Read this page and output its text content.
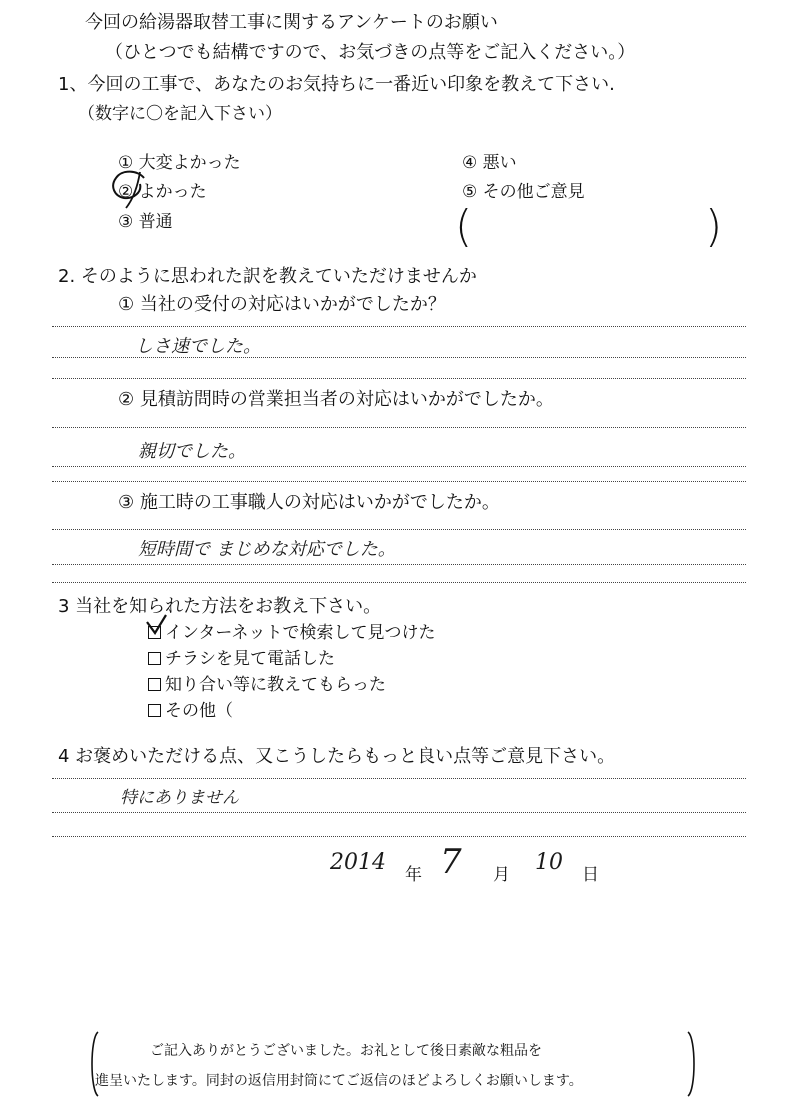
今回の給湯器取替工事に関するアンケートのお願い
（ひとつでも結構ですので、お気づきの点等をご記入ください。）
1、今回の工事で、あなたのお気持ちに一番近い印象を教えて下さい.
（数字に〇を記入下さい）
① 大変よかった
② よかった
③ 普通
④ 悪い
⑤ その他ご意見
(	)
2. そのように思われた訳を教えていただけませんか
① 当社の受付の対応はいかがでしたか？
しさ速でした。
② 見積訪問時の営業担当者の対応はいかがでしたか。
親切でした。
③ 施工時の工事職人の対応はいかがでしたか。
短時間で まじめな対応でした。
3 当社を知られた方法をお教え下さい。
インターネットで検索して見つけた
チラシを見て電話した
知り合い等に教えてもらった
その他（
4 お褒めいただける点、又こうしたらもっと良い点等ご意見下さい。
特にありません
2014 年 7 月 10 日
ご記入ありがとうございました。お礼として後日素敵な粗品を
進呈いたします。同封の返信用封筒にてご返信のほどよろしくお願いします。
